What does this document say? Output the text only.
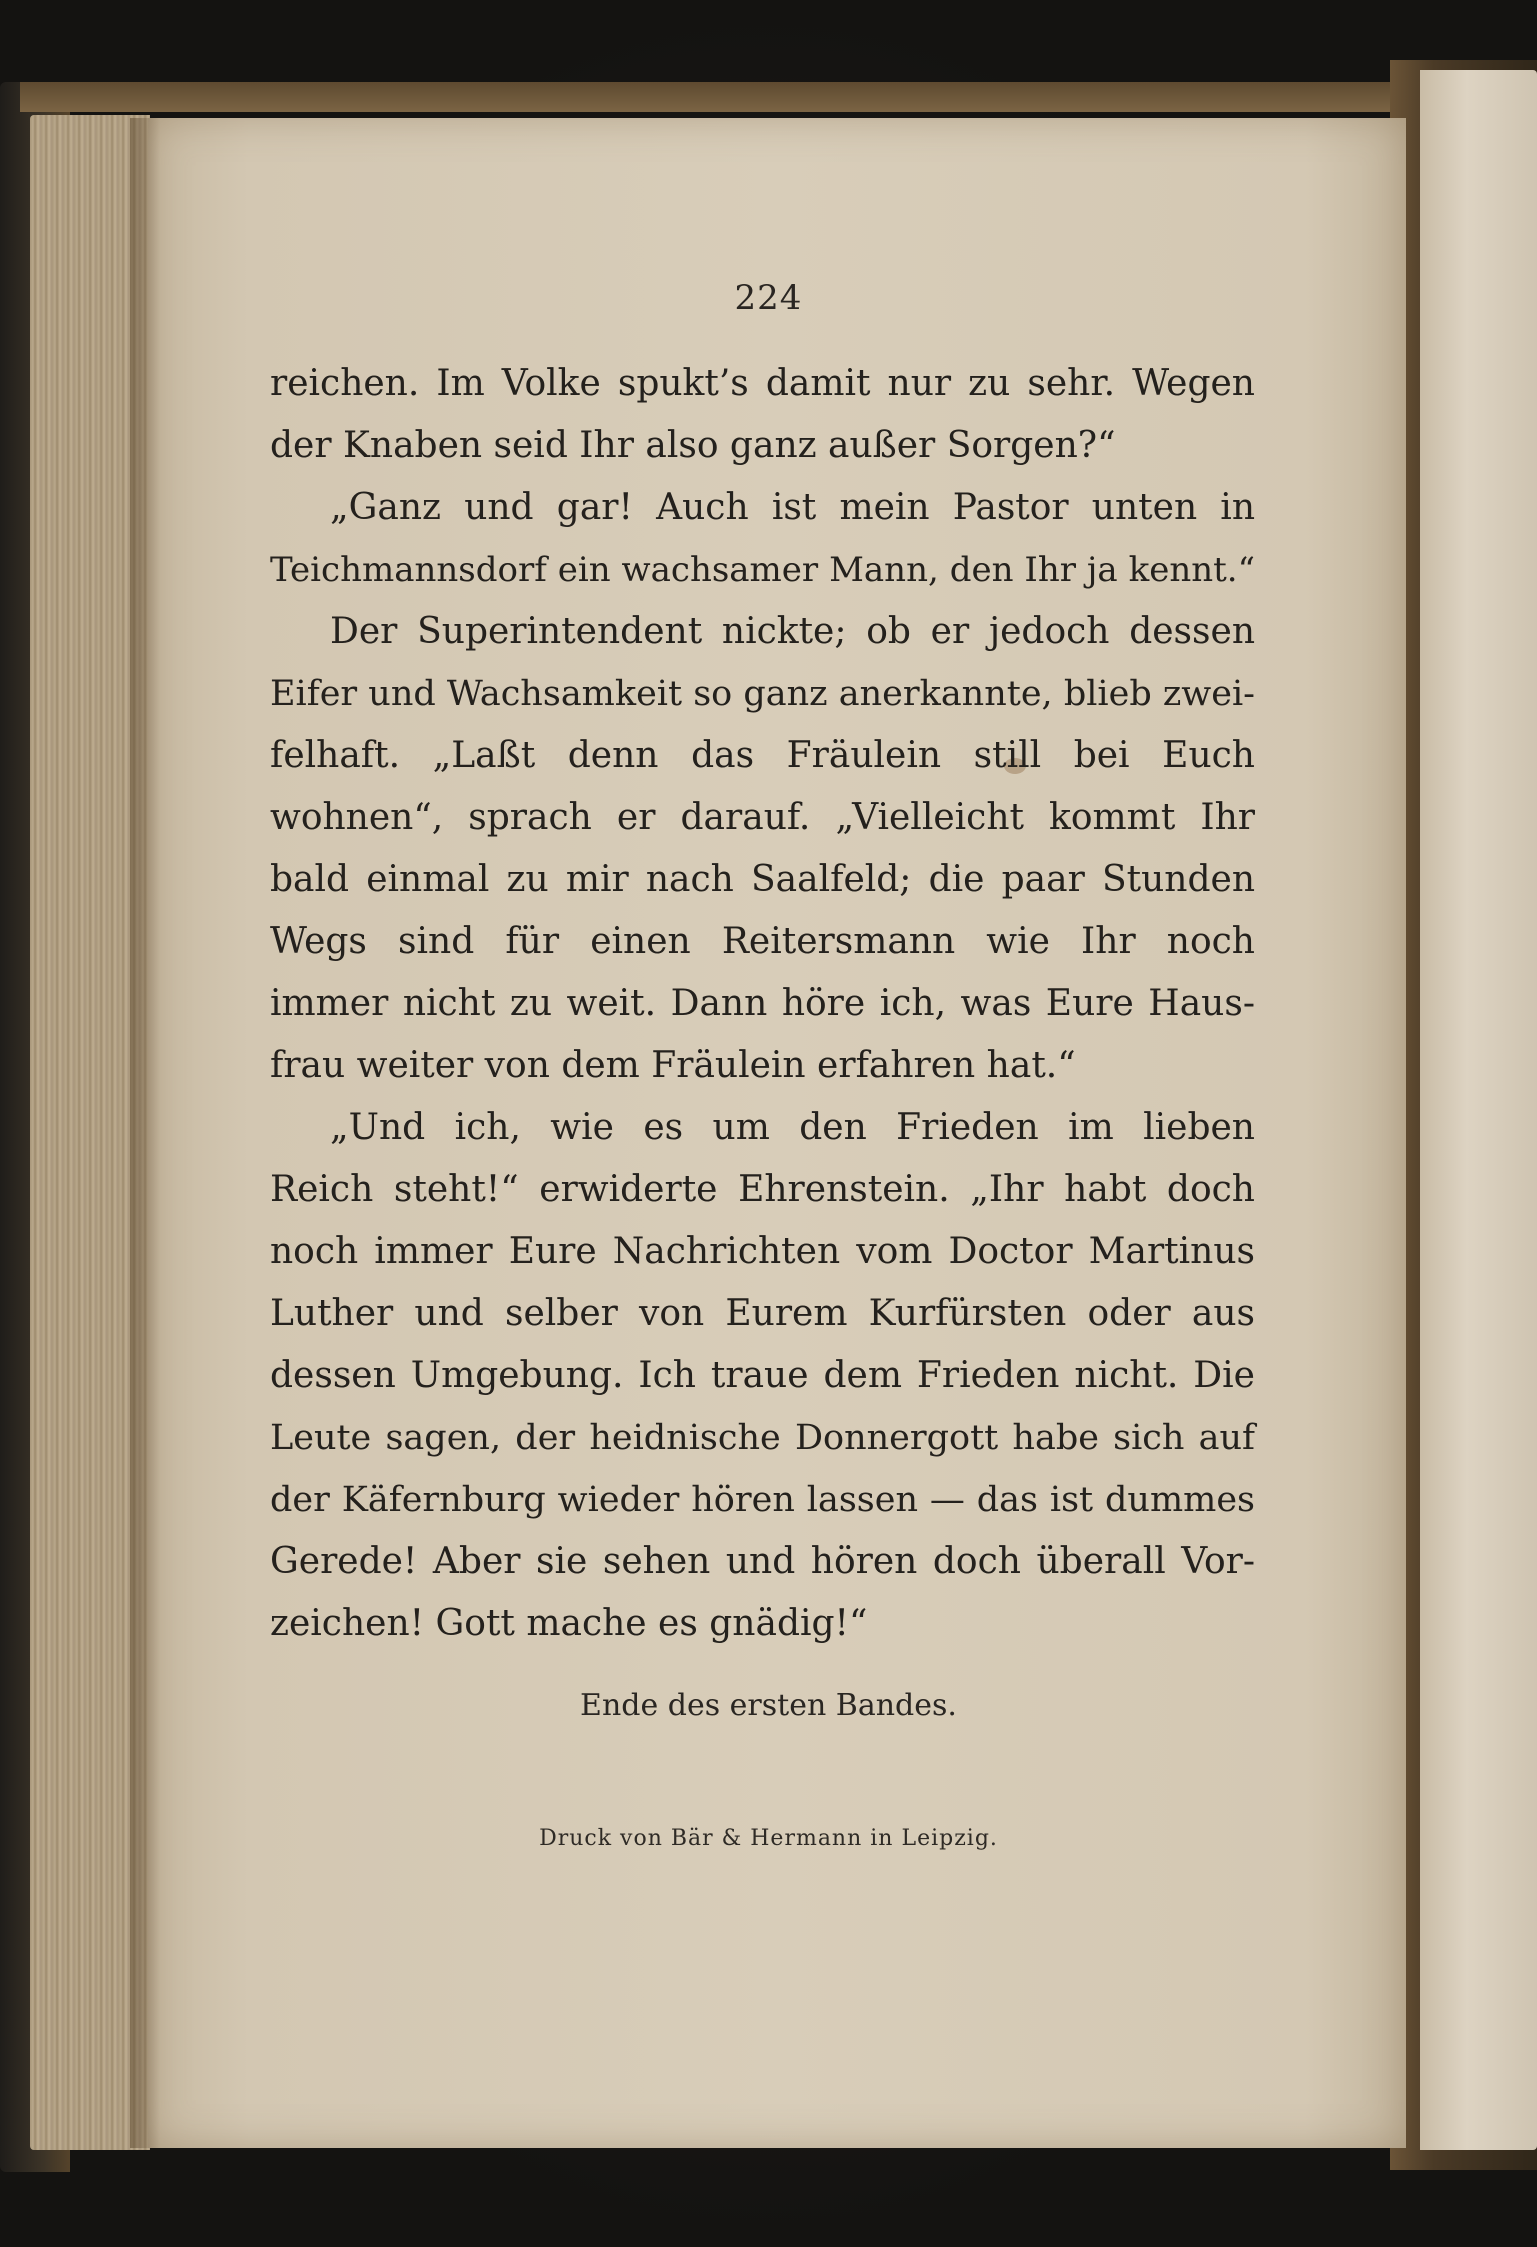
224
reichen. Im Volke spukt’s damit nur zu sehr. Wegen
der Knaben seid Ihr also ganz außer Sorgen?“
„Ganz und gar! Auch ist mein Pastor unten in
Teichmannsdorf ein wachsamer Mann, den Ihr ja kennt.“
Der Superintendent nickte; ob er jedoch dessen
Eifer und Wachsamkeit so ganz anerkannte, blieb zwei-
felhaft. „Laßt denn das Fräulein still bei Euch
wohnen“, sprach er darauf. „Vielleicht kommt Ihr
bald einmal zu mir nach Saalfeld; die paar Stunden
Wegs sind für einen Reitersmann wie Ihr noch
immer nicht zu weit. Dann höre ich, was Eure Haus-
frau weiter von dem Fräulein erfahren hat.“
„Und ich, wie es um den Frieden im lieben
Reich steht!“ erwiderte Ehrenstein. „Ihr habt doch
noch immer Eure Nachrichten vom Doctor Martinus
Luther und selber von Eurem Kurfürsten oder aus
dessen Umgebung. Ich traue dem Frieden nicht. Die
Leute sagen, der heidnische Donnergott habe sich auf
der Käfernburg wieder hören lassen — das ist dummes
Gerede! Aber sie sehen und hören doch überall Vor-
zeichen! Gott mache es gnädig!“
Ende des ersten Bandes.
Druck von Bär & Hermann in Leipzig.
